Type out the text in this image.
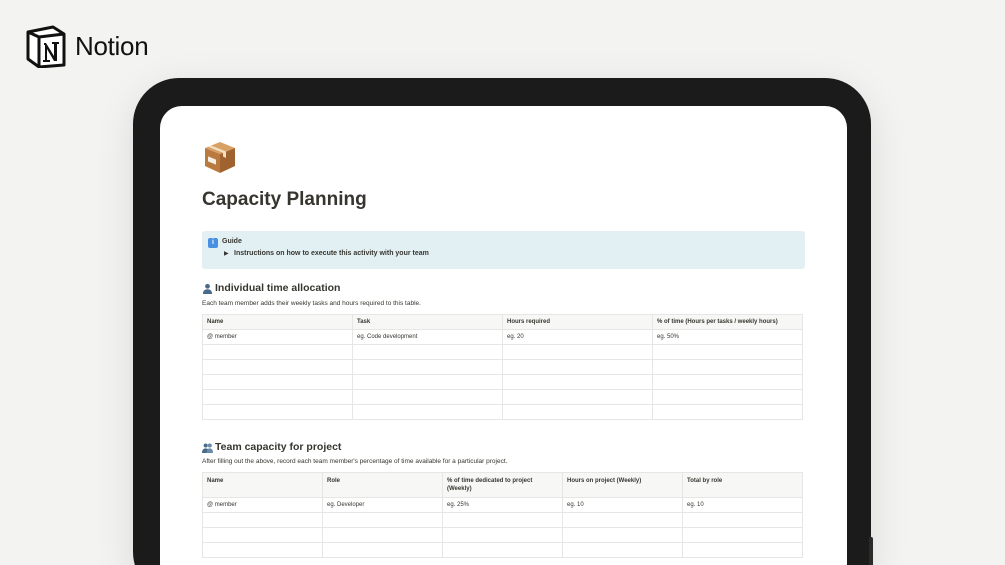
Notion
Capacity Planning
i	Guide
▶ Instructions on how to execute this activity with your team
Individual time allocation
Each team member adds their weekly tasks and hours required to this table.
Name	Task	Hours required	% of time (Hours per tasks / weekly hours)
@ member	eg. Code development	eg. 20	eg. 50%

Team capacity for project
After filling out the above, record each team member's percentage of time available for a particular project.
Name	Role	% of time dedicated to project (Weekly)	Hours on project (Weekly)	Total by role
@ member	eg. Developer	eg. 25%	eg. 10	eg. 10
